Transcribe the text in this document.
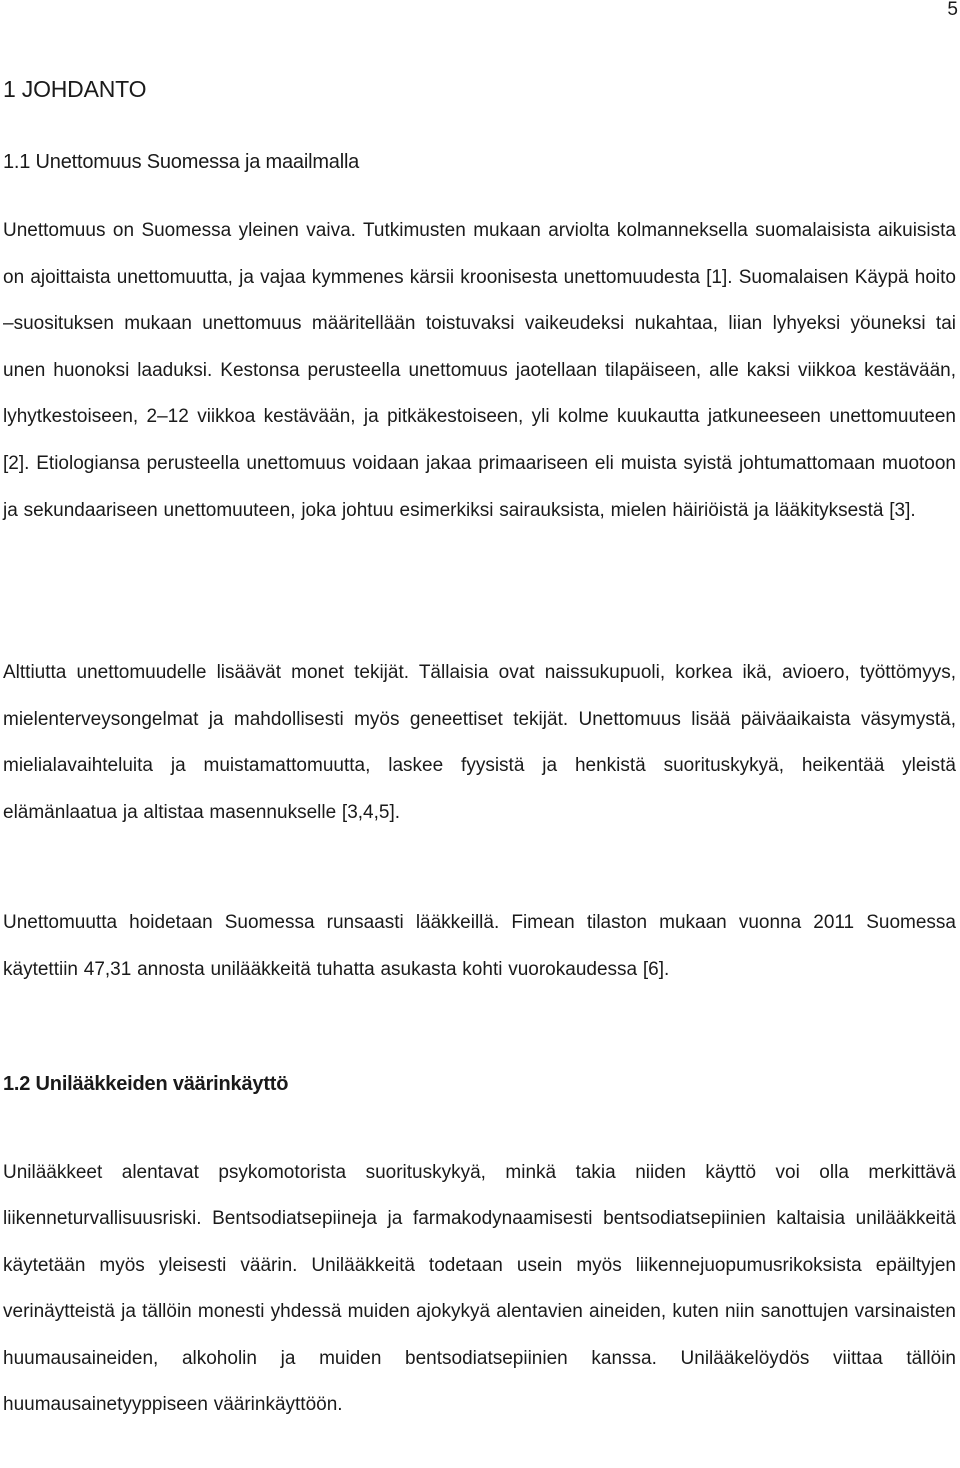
5
1 JOHDANTO
1.1 Unettomuus Suomessa ja maailmalla

Unettomuus on Suomessa yleinen vaiva. Tutkimusten mukaan arviolta kolmanneksella suomalaisista aikuisista on ajoittaista unettomuutta, ja vajaa kymmenes kärsii kroonisesta unettomuudesta [1]. Suomalaisen Käypä hoito –suosituksen mukaan unettomuus määritellään toistuvaksi vaikeudeksi nukahtaa, liian lyhyeksi yöuneksi tai unen huonoksi laaduksi. Kestonsa perusteella unettomuus jaotellaan tilapäiseen, alle kaksi viikkoa kestävään, lyhytkestoiseen, 2–12 viikkoa kestävään, ja pitkäkestoiseen, yli kolme kuukautta jatkuneeseen unettomuuteen [2]. Etiologiansa perusteella unettomuus voidaan jakaa primaariseen eli muista syistä johtumattomaan muotoon ja sekundaariseen unettomuuteen, joka johtuu esimerkiksi sairauksista, mielen häiriöistä ja lääkityksestä [3].

Alttiutta unettomuudelle lisäävät monet tekijät. Tällaisia ovat naissukupuoli, korkea ikä, avioero, työttömyys, mielenterveysongelmat ja mahdollisesti myös geneettiset tekijät. Unettomuus lisää päiväaikaista väsymystä, mielialavaihteluita ja muistamattomuutta, laskee fyysistä ja henkistä suorituskykyä, heikentää yleistä elämänlaatua ja altistaa masennukselle [3,4,5].

Unettomuutta hoidetaan Suomessa runsaasti lääkkeillä. Fimean tilaston mukaan vuonna 2011 Suomessa käytettiin 47,31 annosta unilääkkeitä tuhatta asukasta kohti vuorokaudessa [6].

1.2 Unilääkkeiden väärinkäyttö

Unilääkkeet alentavat psykomotorista suorituskykyä, minkä takia niiden käyttö voi olla merkittävä liikenneturvallisuusriski. Bentsodiatsepiineja ja farmakodynaamisesti bentsodiatsepiinien kaltaisia unilääkkeitä käytetään myös yleisesti väärin. Unilääkkeitä todetaan usein myös liikennejuopumusrikoksista epäiltyjen verinäytteistä ja tällöin monesti yhdessä muiden ajokykyä alentavien aineiden, kuten niin sanottujen varsinaisten huumausaineiden, alkoholin ja muiden bentsodiatsepiinien kanssa. Unilääkelöydös viittaa tällöin huumausainetyyppiseen väärinkäyttöön.
